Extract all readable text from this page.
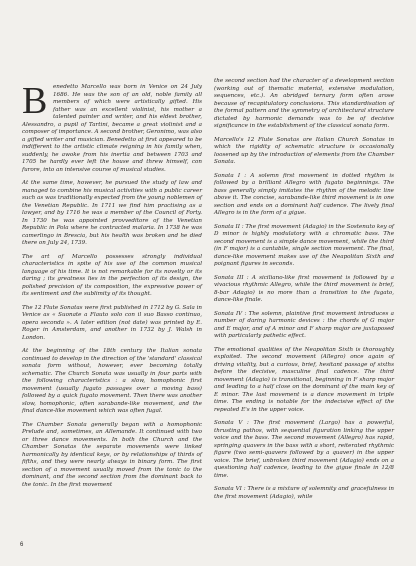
B	enedetto Marcello was born in Venice on 24 July 1686. He was the son of an old, noble family all members of which were artistically gifted. His father was an excellent violinist, his mother a talented painter and writer, and his eldest brother, Alessandro, a pupil of Tartini, became a great violinist and a composer of importance. A second brother, Geronimo, was also a gifted writer and musician. Benedetto at first appeared to be indifferent to the artistic climate reigning in his family when, suddenly, he awoke from his inertia and between 1703 and 1705 he hardly ever left the house and threw himself, con furore, into an intensive course of musical studies.

At the same time, however, he pursued the study of law and managed to combine his musical activities with a public career such as was traditionally expected from the young noblemen of the Venetian Republic. In 1711 we find him practising as a lawyer, and by 1716 he was a member of the Council of Forty. In 1730 he was appointed provveditore of the Venetian Republic in Pola where he contracted malaria. In 1738 he was camerlingo in Brescia, but his health was broken and he died there on July 24, 1739.

The art of Marcello possesses strongly individual characteristics in spite of his use of the common musical language of his time. It is not remarkable for its novelty or its daring ; its greatness lies in the perfection of its design, the polished precision of its composition, the expressive power of its sentiment and the sublimity of its thought.

The 12 Flute Sonatas were first published in 1712 by G. Sala in Venice as « Suonate a Flauto solo con il suo Basso continuo, opera seconda ». A later edition (not date) was printed by E. Roger in Amsterdam, and another in 1732 by J. Walsh in London.

At the beginning of the 18th century the Italian sonata continued to develop in the direction of the 'standard' classical sonata form without, however, ever becoming totally schematic. The Church Sonata was usually in four parts with the following characteristics : a slow, homophonic first movement (usually fugato passages over a moving bass) followed by a quick fugato movement. Then there was another slow, homophonic, often sarabande-like movement, and the final dance-like movement which was often fugal.

The Chamber Sonata generally began with a homophonic Prelude and, sometimes, an Allemande. It continued with two or three dance movements. In both the Church and the Chamber Sonatas the separate movements were linked harmonically by identical keys, or by relationships of thirds of fifths, and they were nearly always in binary form. The first section of a movement usually moved from the tonic to the dominant, and the second section from the dominant back to the tonic. In the first movement

the second section had the character of a development section (working out of thematic material, extensive modulation, sequences, etc.). An abridged ternary form often arose because of recapitulatory conclusions. This standardisation of the formal pattern and the symmetry of architectural structure dictated by harmonic demands was to be of decisive significance in the establishment of the classical sonata form.

Marcello's 12 Flute Sonatas are Italian Church Sonatas in which the rigidity of schematic structure is occasionally loosened up by the introduction of elements from the Chamber Sonata.

Sonata I : A solemn first movement in dotted rhythm is followed by a brilliant Allegro with fugato beginnings. The bass generally simply imitates the rhythm of the melodic line above it. The concise, sarabande-like third movement is in one section and ends on a dominant half cadence. The lively final Allegro is in the form of a gigue.

Sonata II : The first movement (Adagio) in the Sostenuto key of D minor is highly modulatory with a chromatic bass. The second movement is a simple dance movement, while the third (in F major) is a cantabile, single section movement. The final, dance-like movement makes use of the Neapolitan Sixth and poignant figures in seconds.

Sonata III : A siciliano-like first movement is followed by a vivacious rhythmic Allegro, while the third movement is brief, 8-bar Adagio) is no more than a transition to the fugato, dance-like finale.

Sonata IV : The solemn, plaintive first movement introduces a number of daring harmonic devices : the chords of G major and E major, and of A minor and F sharp major are juxtaposed with particularly pathetic effect.

The emotional qualities of the Neapolitan Sixth is thoroughly exploited. The second movement (Allegro) once again of driving vitality, but a curious, brief, hesitant passage of sixths before the decisive, masculine final cadence. The third movement (Adagio) is transitional, beginning in F sharp major and leading to a half close on the dominant of the main key of E minor. The last movement is a dance movement in triple time. The ending is notable for the indecisive effect of the repeated E's in the upper voice.

Sonata V : The first movement (Largo) has a powerful, thrusting pathos, with sequential figuration linking the upper voice and the bass. The second movement (Allegro) has rapid, springing quavers in the bass with a short, reiterated rhythmic figure (two semi-quavers followed by a quaver) in the upper voice. The brief, unbroken third movement (Adagio) ends on a questioning half cadence, leading to the gigue finale in 12/8 time.

Sonata VI : There is a mixture of solemnity and gracefulness in the first movement (Adagio), while

6
